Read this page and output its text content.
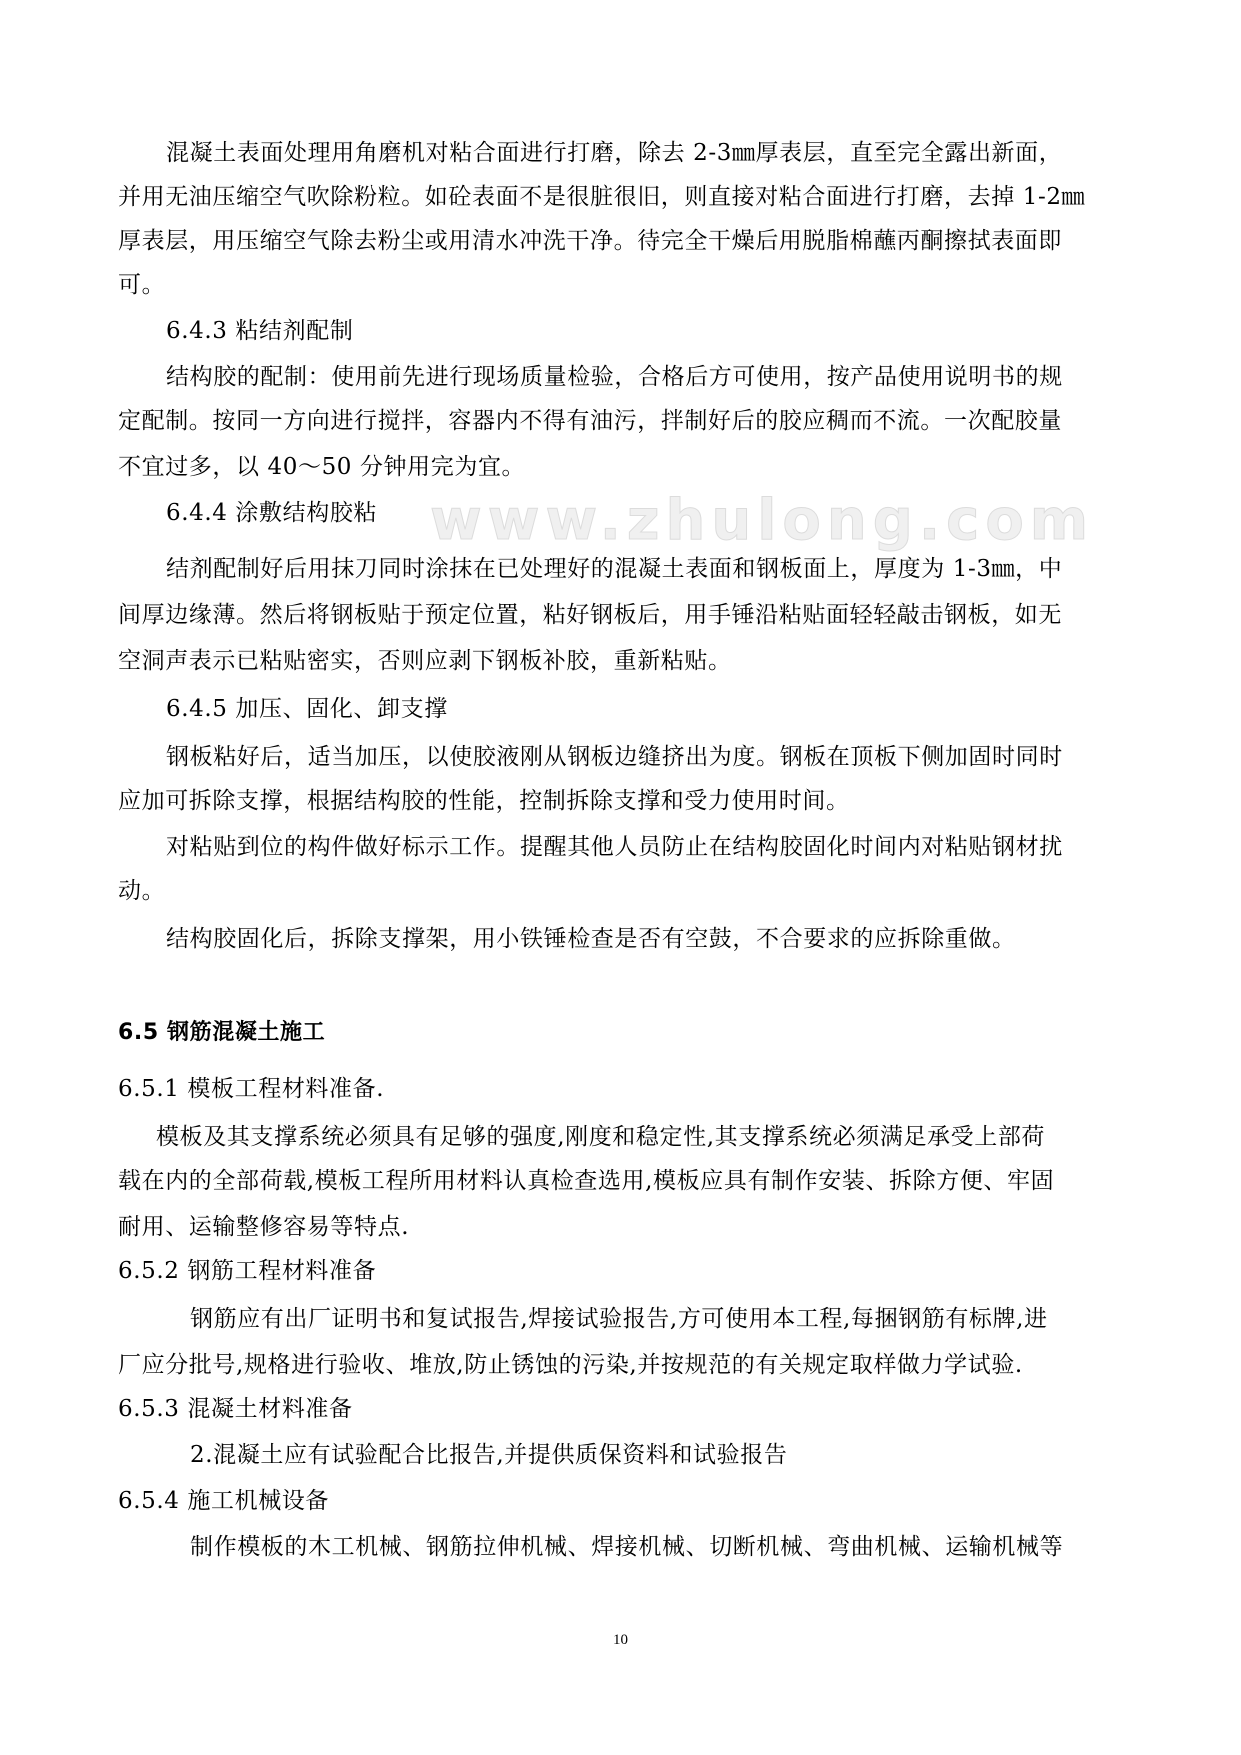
www.zhulong.com
混凝土表面处理用角磨机对粘合面进行打磨，除去 2-3㎜厚表层，直至完全露出新面，
并用无油压缩空气吹除粉粒。如砼表面不是很脏很旧，则直接对粘合面进行打磨，去掉 1-2㎜
厚表层，用压缩空气除去粉尘或用清水冲洗干净。待完全干燥后用脱脂棉蘸丙酮擦拭表面即
可。
6.4.3 粘结剂配制
结构胶的配制：使用前先进行现场质量检验，合格后方可使用，按产品使用说明书的规
定配制。按同一方向进行搅拌，容器内不得有油污，拌制好后的胶应稠而不流。一次配胶量
不宜过多，以 40～50 分钟用完为宜。
6.4.4 涂敷结构胶粘
结剂配制好后用抹刀同时涂抹在已处理好的混凝土表面和钢板面上，厚度为 1-3㎜，中
间厚边缘薄。然后将钢板贴于预定位置，粘好钢板后，用手锤沿粘贴面轻轻敲击钢板，如无
空洞声表示已粘贴密实，否则应剥下钢板补胶，重新粘贴。
6.4.5 加压、固化、卸支撑
钢板粘好后，适当加压，以使胶液刚从钢板边缝挤出为度。钢板在顶板下侧加固时同时
应加可拆除支撑，根据结构胶的性能，控制拆除支撑和受力使用时间。
对粘贴到位的构件做好标示工作。提醒其他人员防止在结构胶固化时间内对粘贴钢材扰
动。
结构胶固化后，拆除支撑架，用小铁锤检查是否有空鼓，不合要求的应拆除重做。
6.5 钢筋混凝土施工
6.5.1 模板工程材料准备.
模板及其支撑系统必须具有足够的强度,刚度和稳定性,其支撑系统必须满足承受上部荷
载在内的全部荷载,模板工程所用材料认真检查选用,模板应具有制作安装、拆除方便、牢固
耐用、运输整修容易等特点.
6.5.2 钢筋工程材料准备
钢筋应有出厂证明书和复试报告,焊接试验报告,方可使用本工程,每捆钢筋有标牌,进
厂应分批号,规格进行验收、堆放,防止锈蚀的污染,并按规范的有关规定取样做力学试验.
6.5.3 混凝土材料准备
2.混凝土应有试验配合比报告,并提供质保资料和试验报告
6.5.4 施工机械设备
制作模板的木工机械、钢筋拉伸机械、焊接机械、切断机械、弯曲机械、运输机械等
10
